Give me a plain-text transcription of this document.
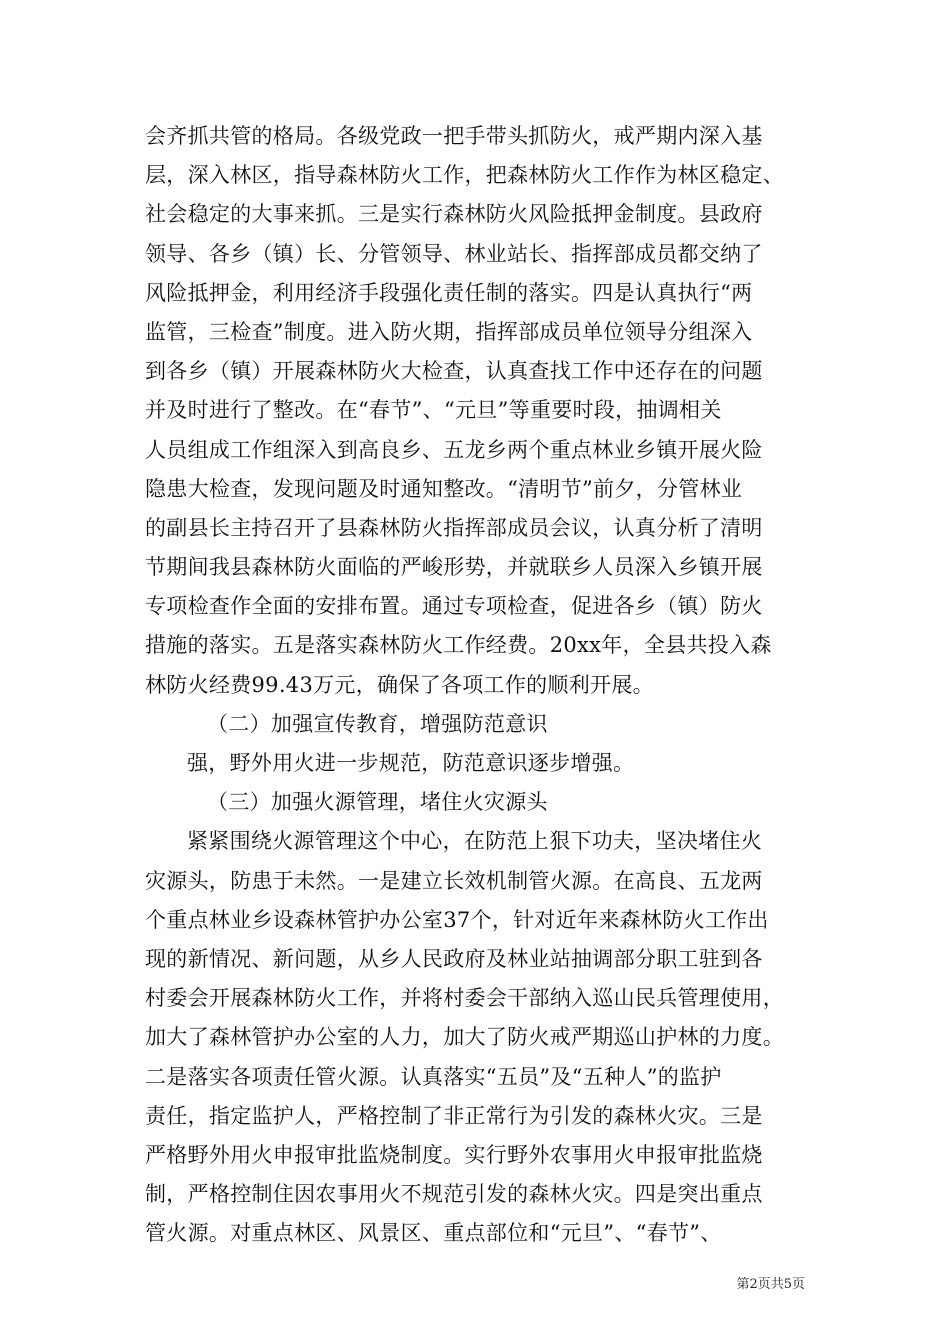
会齐抓共管的格局。各级党政一把手带头抓防火，戒严期内深入基
层，深入林区，指导森林防火工作，把森林防火工作作为林区稳定、
社会稳定的大事来抓。三是实行森林防火风险抵押金制度。县政府
领导、各乡（镇）长、分管领导、林业站长、指挥部成员都交纳了
风险抵押金，利用经济手段强化责任制的落实。四是认真执行“两
监管，三检查”制度。进入防火期，指挥部成员单位领导分组深入
到各乡（镇）开展森林防火大检查，认真查找工作中还存在的问题
并及时进行了整改。在“春节”、“元旦”等重要时段，抽调相关
人员组成工作组深入到高良乡、五龙乡两个重点林业乡镇开展火险
隐患大检查，发现问题及时通知整改。“清明节”前夕，分管林业
的副县长主持召开了县森林防火指挥部成员会议，认真分析了清明
节期间我县森林防火面临的严峻形势，并就联乡人员深入乡镇开展
专项检查作全面的安排布置。通过专项检查，促进各乡（镇）防火
措施的落实。五是落实森林防火工作经费。20xx年，全县共投入森
林防火经费99.43万元，确保了各项工作的顺利开展。
（二）加强宣传教育，增强防范意识
强，野外用火进一步规范，防范意识逐步增强。
（三）加强火源管理，堵住火灾源头
紧紧围绕火源管理这个中心，在防范上狠下功夫，坚决堵住火
灾源头，防患于未然。一是建立长效机制管火源。在高良、五龙两
个重点林业乡设森林管护办公室37个，针对近年来森林防火工作出
现的新情况、新问题，从乡人民政府及林业站抽调部分职工驻到各
村委会开展森林防火工作，并将村委会干部纳入巡山民兵管理使用，
加大了森林管护办公室的人力，加大了防火戒严期巡山护林的力度。
二是落实各项责任管火源。认真落实“五员”及“五种人”的监护
责任，指定监护人，严格控制了非正常行为引发的森林火灾。三是
严格野外用火申报审批监烧制度。实行野外农事用火申报审批监烧
制，严格控制住因农事用火不规范引发的森林火灾。四是突出重点
管火源。对重点林区、风景区、重点部位和“元旦”、“春节”、
第2页共5页
